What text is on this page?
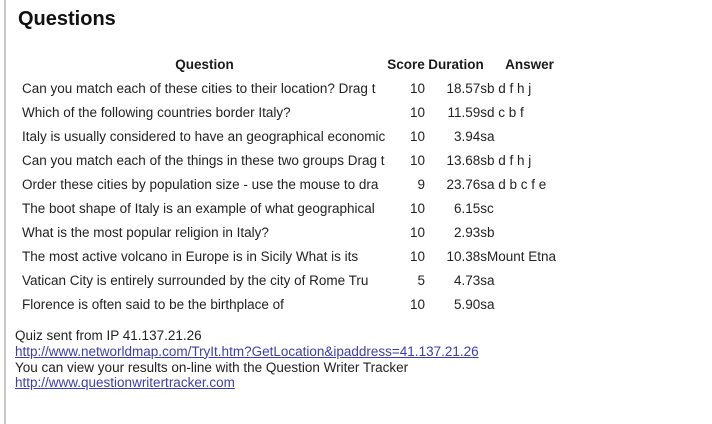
Questions
Question	Score	Duration	Answer
Can you match each of these cities to their location? Drag t	10	18.57s	b d f h j
Which of the following countries border Italy?	10	11.59s	d c b f
Italy is usually considered to have an geographical economic	10	3.94s	a
Can you match each of the things in these two groups Drag t	10	13.68s	b d f h j
Order these cities by population size - use the mouse to dra	9	23.76s	a d b c f e
The boot shape of Italy is an example of what geographical	10	6.15s	c
What is the most popular religion in Italy?	10	2.93s	b
The most active volcano in Europe is in Sicily What is its	10	10.38s	Mount Etna
Vatican City is entirely surrounded by the city of Rome Tru	5	4.73s	a
Florence is often said to be the birthplace of	10	5.90s	a
Quiz sent from IP 41.137.21.26
http://www.networldmap.com/TryIt.htm?GetLocation&ipaddress=41.137.21.26
You can view your results on-line with the Question Writer Tracker
http://www.questionwritertracker.com
